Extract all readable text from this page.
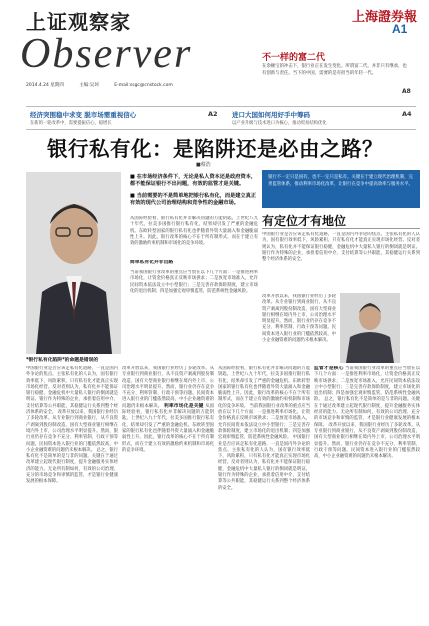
上证观察家
Observer
2014.4.24 星期四	主编:吴珂	E-mail:ssgc@cnstock.com
上海證券報
A1
不一样的富二代
在余额宝的冲击下，银行业正在发生变化。所谓富二代，并非只有继承，也有创新与责任。当下的中国，需要的是有担当的年轻一代。
A8
经济突围稳中求变 脱市场需重视信心
在新的一轮改革中，需要提振信心，稳增长
A2 进口大国如何用好手中筹码
以产业升级与技术进口为核心，推动贸易结构优化
A4
银行私有化：是陷阱还是必由之路？
■蔡浩
■ 在市场经济条件下，无论是私人资本还是政府资本，都不能保证银行不出问题，有效的监管才是关键。
■ 当前需要的不是简单地把银行私有化，而是建立真正有效的现代公司治理结构和竞争性的金融市场。
银行不一定只是国有，也不一定只是私有。关键在于建立现代治理机制，完善监管体系，推动利率市场化改革，让银行在竞争中提高效率与服务水平。
有定位才有地位
中国银行业是否应该走私有化道路，一直是国内外争论的焦点。主张私有化的人认为，国有银行效率低下，风险累积，只有私有化才能真正实现市场化经营。反对者则认为，私有化并不能保证银行稳健，金融危机中大量私人银行的倒闭就是明证。银行作为特殊的企业，承担着信用中介、支付结算等公共职能，其稳健运行关系到整个经济体系的安全。
改革开放以来，我国银行业经历了多轮改革。从专业银行到商业银行，从不良资产剥离到股份制改造，国有大型商业银行相继在境内外上市，公司治理水平明显提升。然而，银行业仍存在竞争不充分、利率管制、行政干预等问题。民间资本进入银行业的门槛依然较高，中小企业融资难的问题仍未根本解决。
从国际经验看，银行私有化并非解决问题的万能钥匙。上世纪八九十年代，拉美多国推行银行私有化，结果却引发了严重的金融危机。东欧转型国家的银行私有化也伴随着外资大量涌入和金融脆弱性上升。因此，银行改革的核心不在于所有制形式，而在于建立有效的激励约束机制和市场化的竞争环境。
简单私有化并非出路
当前我国银行业改革的重点应当放在以下几个方面：一是推进利率市场化，让资金价格真正反映市场供求；二是放宽市场准入，允许民间资本依法设立中小型银行；三是完善存款保险制度，建立市场化的退出机制；四是加强宏观审慎监管，防范系统性金融风险。
*银行私有化陷阱*的命题是错误的
中国银行业是否应该走私有化道路，一直是国内外争论的焦点。主张私有化的人认为，国有银行效率低下，风险累积，只有私有化才能真正实现市场化经营。反对者则认为，私有化并不能保证银行稳健，金融危机中大量私人银行的倒闭就是明证。银行作为特殊的企业，承担着信用中介、支付结算等公共职能，其稳健运行关系到整个经济体系的安全。 改革开放以来，我国银行业经历了多轮改革。从专业银行到商业银行，从不良资产剥离到股份制改造，国有大型商业银行相继在境内外上市，公司治理水平明显提升。然而，银行业仍存在竞争不充分、利率管制、行政干预等问题。民间资本进入银行业的门槛依然较高，中小企业融资难的问题仍未根本解决。 总之，银行私有化不是简单的是与非的问题。关键在于通过改革建立起现代银行制度，提升金融服务实体经济的能力。无论所有制如何，有效的公司治理、充分的市场竞争和审慎的监管，才是银行业健康发展的根本保障。
改革开放以来，我国银行业经历了多轮改革。从专业银行到商业银行，从不良资产剥离到股份制改造，国有大型商业银行相继在境内外上市，公司治理水平明显提升。然而，银行业仍存在竞争不充分、利率管制、行政干预等问题。民间资本进入银行业的门槛依然较高，中小企业融资难的问题仍未根本解决。 利率市场化是关键 从国际经验看，银行私有化并非解决问题的万能钥匙。上世纪八九十年代，拉美多国推行银行私有化，结果却引发了严重的金融危机。东欧转型国家的银行私有化也伴随着外资大量涌入和金融脆弱性上升。因此，银行改革的核心不在于所有制形式，而在于建立有效的激励约束机制和市场化的竞争环境。
从国际经验看，银行私有化并非解决问题的万能钥匙。上世纪八九十年代，拉美多国推行银行私有化，结果却引发了严重的金融危机。东欧转型国家的银行私有化也伴随着外资大量涌入和金融脆弱性上升。因此，银行改革的核心不在于所有制形式，而在于建立有效的激励约束机制和市场化的竞争环境。 当前我国银行业改革的重点应当放在以下几个方面：一是推进利率市场化，让资金价格真正反映市场供求；二是放宽市场准入，允许民间资本依法设立中小型银行；三是完善存款保险制度，建立市场化的退出机制；四是加强宏观审慎监管，防范系统性金融风险。 中国银行业是否应该走私有化道路，一直是国内外争论的焦点。主张私有化的人认为，国有银行效率低下，风险累积，只有私有化才能真正实现市场化经营。反对者则认为，私有化并不能保证银行稳健，金融危机中大量私人银行的倒闭就是明证。银行作为特殊的企业，承担着信用中介、支付结算等公共职能，其稳健运行关系到整个经济体系的安全。
监管才是核心 当前我国银行业改革的重点应当放在以下几个方面：一是推进利率市场化，让资金价格真正反映市场供求；二是放宽市场准入，允许民间资本依法设立中小型银行；三是完善存款保险制度，建立市场化的退出机制；四是加强宏观审慎监管，防范系统性金融风险。 总之，银行私有化不是简单的是与非的问题。关键在于通过改革建立起现代银行制度，提升金融服务实体经济的能力。无论所有制如何，有效的公司治理、充分的市场竞争和审慎的监管，才是银行业健康发展的根本保障。 改革开放以来，我国银行业经历了多轮改革。从专业银行到商业银行，从不良资产剥离到股份制改造，国有大型商业银行相继在境内外上市，公司治理水平明显提升。然而，银行业仍存在竞争不充分、利率管制、行政干预等问题。民间资本进入银行业的门槛依然较高，中小企业融资难的问题仍未根本解决。
